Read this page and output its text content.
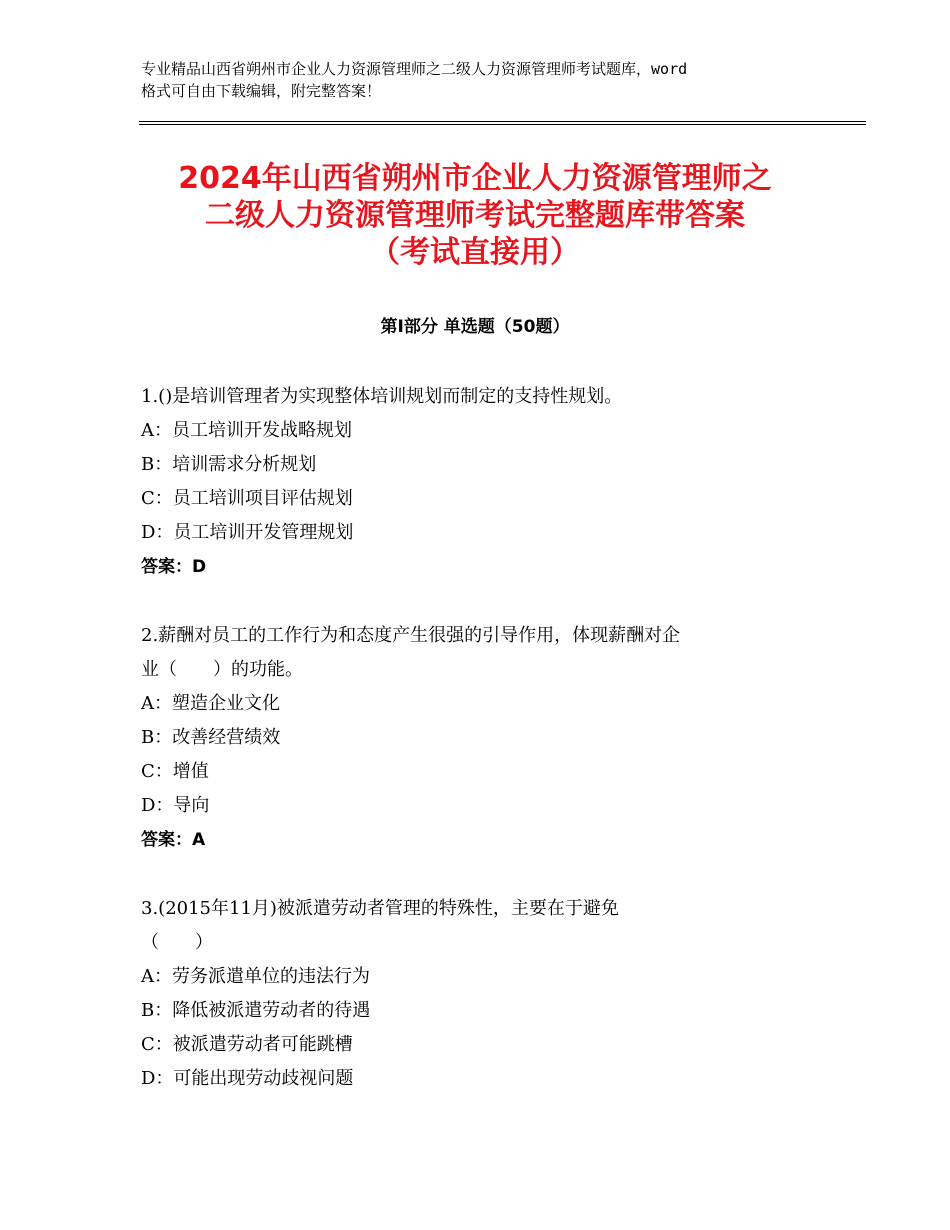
专业精品山西省朔州市企业人力资源管理师之二级人力资源管理师考试题库，word
格式可自由下载编辑，附完整答案！
2024年山西省朔州市企业人力资源管理师之
二级人力资源管理师考试完整题库带答案
（考试直接用）
第Ⅰ部分 单选题（50题）
1.()是培训管理者为实现整体培训规划而制定的支持性规划。
A：员工培训开发战略规划
B：培训需求分析规划
C：员工培训项目评估规划
D：员工培训开发管理规划
答案：D
2.薪酬对员工的工作行为和态度产生很强的引导作用，体现薪酬对企
业（　　）的功能。
A：塑造企业文化
B：改善经营绩效
C：增值
D：导向
答案：A
3.(2015年11月)被派遣劳动者管理的特殊性，主要在于避免
（　　）
A：劳务派遣单位的违法行为
B：降低被派遣劳动者的待遇
C：被派遣劳动者可能跳槽
D：可能出现劳动歧视问题
